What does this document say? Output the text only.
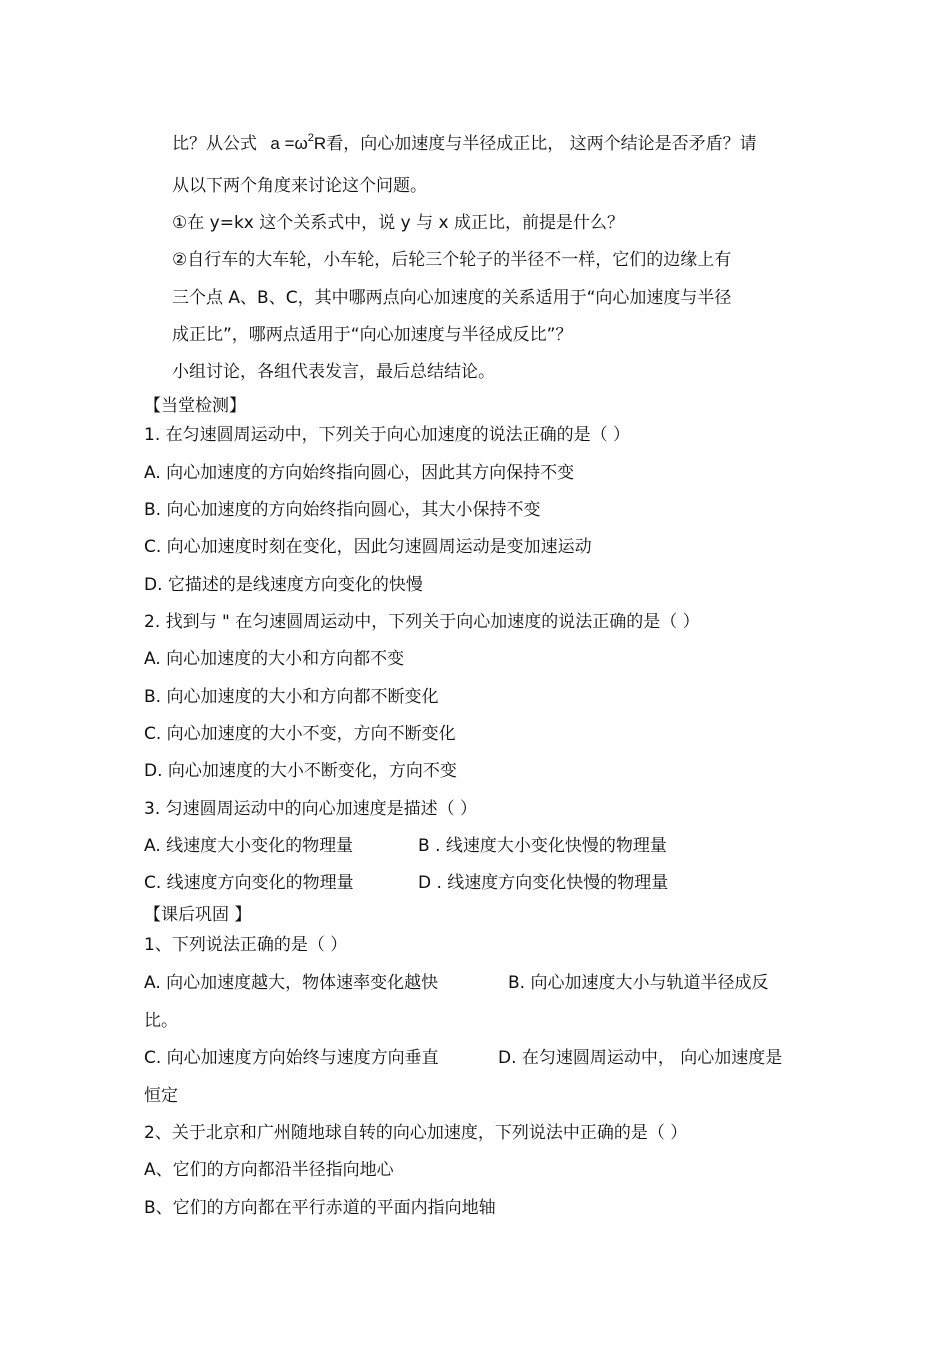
比？从公式 $a =\omega^2R$看，向心加速度与半径成正比， 这两个结论是否矛盾？请
从以下两个角度来讨论这个问题。
①在 y=kx 这个关系式中，说 y 与 x 成正比，前提是什么？
②自行车的大车轮，小车轮，后轮三个轮子的半径不一样，它们的边缘上有
三个点 A、B、C，其中哪两点向心加速度的关系适用于“向心加速度与半径
成正比”，哪两点适用于“向心加速度与半径成反比”？
小组讨论，各组代表发言，最后总结结论。
【当堂检测】
1. 在匀速圆周运动中，下列关于向心加速度的说法正确的是（ ）
A. 向心加速度的方向始终指向圆心，因此其方向保持不变
B. 向心加速度的方向始终指向圆心，其大小保持不变
C. 向心加速度时刻在变化，因此匀速圆周运动是变加速运动
D. 它描述的是线速度方向变化的快慢
2. 找到与 " 在匀速圆周运动中，下列关于向心加速度的说法正确的是（ ）
A. 向心加速度的大小和方向都不变
B. 向心加速度的大小和方向都不断变化
C. 向心加速度的大小不变，方向不断变化
D. 向心加速度的大小不断变化，方向不变
3. 匀速圆周运动中的向心加速度是描述（ ）
A. 线速度大小变化的物理量	B . 线速度大小变化快慢的物理量
C. 线速度方向变化的物理量	D . 线速度方向变化快慢的物理量
【课后巩固 】
1、下列说法正确的是（ ）
A. 向心加速度越大，物体速率变化越快	B. 向心加速度大小与轨道半径成反
比。
C. 向心加速度方向始终与速度方向垂直	D. 在匀速圆周运动中， 向心加速度是
恒定
2、关于北京和广州随地球自转的向心加速度，下列说法中正确的是（ ）
A、它们的方向都沿半径指向地心
B、它们的方向都在平行赤道的平面内指向地轴
